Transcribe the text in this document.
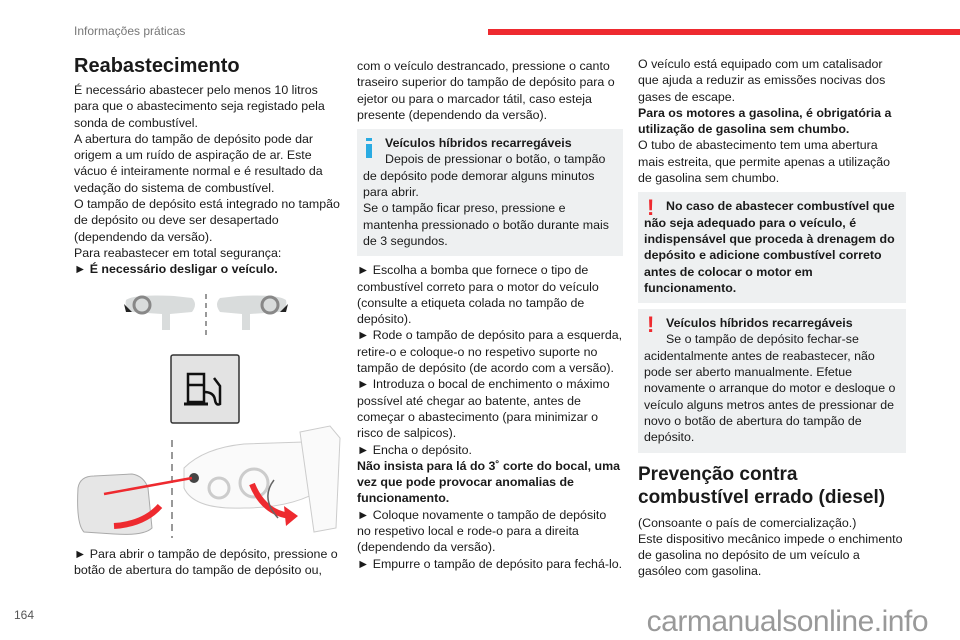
Informações práticas
Reabastecimento

É necessário abastecer pelo menos 10 litros para que o abastecimento seja registado pela sonda de combustível.

A abertura do tampão de depósito pode dar origem a um ruído de aspiração de ar. Este vácuo é inteiramente normal e é resultado da vedação do sistema de combustível.

O tampão de depósito está integrado no tampão de depósito ou deve ser desapertado (dependendo da versão).

Para reabastecer em total segurança:

► É necessário desligar o veículo.

► Para abrir o tampão de depósito, pressione o botão de abertura do tampão de depósito ou,

com o veículo destrancado, pressione o canto traseiro superior do tampão de depósito para o ejetor ou para o marcador tátil, caso esteja presente (dependendo da versão).

Veículos híbridos recarregáveis

Depois de pressionar o botão, o tampão de depósito pode demorar alguns minutos para abrir.

Se o tampão ficar preso, pressione e mantenha pressionado o botão durante mais de 3 segundos.

► Escolha a bomba que fornece o tipo de combustível correto para o motor do veículo (consulte a etiqueta colada no tampão de depósito).

► Rode o tampão de depósito para a esquerda, retire-o e coloque-o no respetivo suporte no tampão de depósito (de acordo com a versão).

► Introduza o bocal de enchimento o máximo possível até chegar ao batente, antes de começar o abastecimento (para minimizar o risco de salpicos).

► Encha o depósito.

Não insista para lá do 3˚ corte do bocal, uma vez que pode provocar anomalias de funcionamento.

► Coloque novamente o tampão de depósito no respetivo local e rode-o para a direita (dependendo da versão).

► Empurre o tampão de depósito para fechá-lo.

O veículo está equipado com um catalisador que ajuda a reduzir as emissões nocivas dos gases de escape.

Para os motores a gasolina, é obrigatória a utilização de gasolina sem chumbo.

O tubo de abastecimento tem uma abertura mais estreita, que permite apenas a utilização de gasolina sem chumbo.

! No caso de abastecer combustível que não seja adequado para o veículo, é indispensável que proceda à drenagem do depósito e adicione combustível correto antes de colocar o motor em funcionamento.

! Veículos híbridos recarregáveis

Se o tampão de depósito fechar-se acidentalmente antes de reabastecer, não pode ser aberto manualmente. Efetue novamente o arranque do motor e desloque o veículo alguns metros antes de pressionar de novo o botão de abertura do tampão de depósito.

Prevenção contra combustível errado (diesel)

(Consoante o país de comercialização.)

Este dispositivo mecânico impede o enchimento de gasolina no depósito de um veículo a gasóleo com gasolina.

164	carmanualsonline.info
